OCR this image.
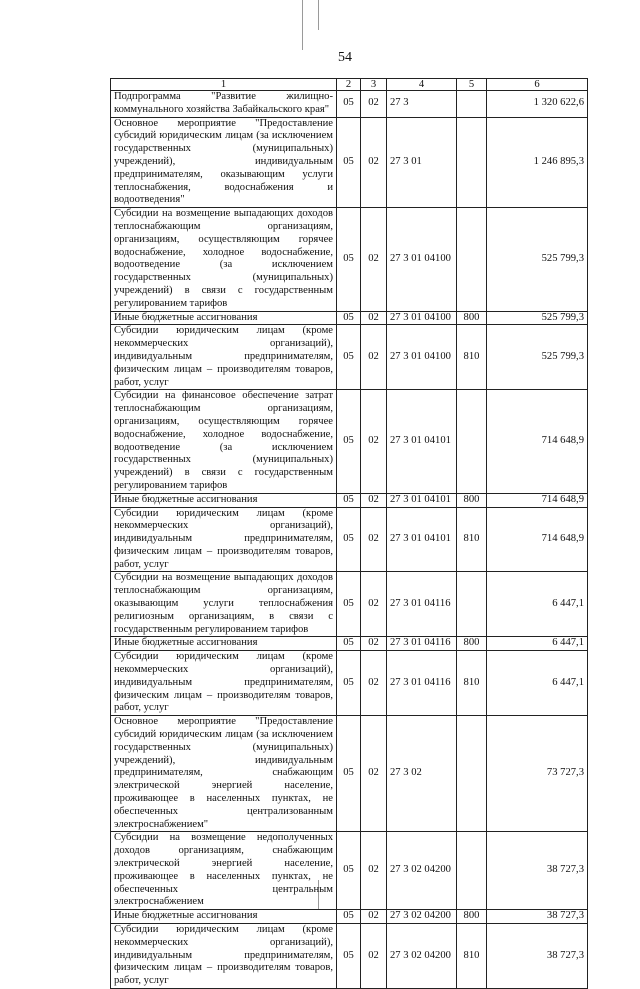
54
1	2	3	4	5	6
Подпрограмма "Развитие жилищно-коммунального хозяйства Забайкальского края"	05	02	27 3		1 320 622,6
Основное мероприятие "Предоставление субсидий юридическим лицам (за исключением государственных (муниципальных) учреждений), индивидуальным предпринимателям, оказывающим услуги теплоснабжения, водоснабжения и водоотведения"	05	02	27 3 01		1 246 895,3
Субсидии на возмещение выпадающих доходов теплоснабжающим организациям, организациям, осуществляющим горячее водоснабжение, холодное водоснабжение, водоотведение (за исключением государственных (муниципальных) учреждений) в связи с государственным регулированием тарифов	05	02	27 3 01 04100		525 799,3
Иные бюджетные ассигнования	05	02	27 3 01 04100	800	525 799,3
Субсидии юридическим лицам (кроме некоммерческих организаций), индивидуальным предпринимателям, физическим лицам – производителям товаров, работ, услуг	05	02	27 3 01 04100	810	525 799,3
Субсидии на финансовое обеспечение затрат теплоснабжающим организациям, организациям, осуществляющим горячее водоснабжение, холодное водоснабжение, водоотведение (за исключением государственных (муниципальных) учреждений) в связи с государственным регулированием тарифов	05	02	27 3 01 04101		714 648,9
Иные бюджетные ассигнования	05	02	27 3 01 04101	800	714 648,9
Субсидии юридическим лицам (кроме некоммерческих организаций), индивидуальным предпринимателям, физическим лицам – производителям товаров, работ, услуг	05	02	27 3 01 04101	810	714 648,9
Субсидии на возмещение выпадающих доходов теплоснабжающим организациям, оказывающим услуги теплоснабжения религиозным организациям, в связи с государственным регулированием тарифов	05	02	27 3 01 04116		6 447,1
Иные бюджетные ассигнования	05	02	27 3 01 04116	800	6 447,1
Субсидии юридическим лицам (кроме некоммерческих организаций), индивидуальным предпринимателям, физическим лицам – производителям товаров, работ, услуг	05	02	27 3 01 04116	810	6 447,1
Основное мероприятие "Предоставление субсидий юридическим лицам (за исключением государственных (муниципальных) учреждений), индивидуальным предпринимателям, снабжающим электрической энергией население, проживающее в населенных пунктах, не обеспеченных централизованным электроснабжением"	05	02	27 3 02		73 727,3
Субсидии на возмещение недополученных доходов организациям, снабжающим электрической энергией население, проживающее в населенных пунктах, не обеспеченных центральным электроснабжением	05	02	27 3 02 04200		38 727,3
Иные бюджетные ассигнования	05	02	27 3 02 04200	800	38 727,3
Субсидии юридическим лицам (кроме некоммерческих организаций), индивидуальным предпринимателям, физическим лицам – производителям товаров, работ, услуг	05	02	27 3 02 04200	810	38 727,3
